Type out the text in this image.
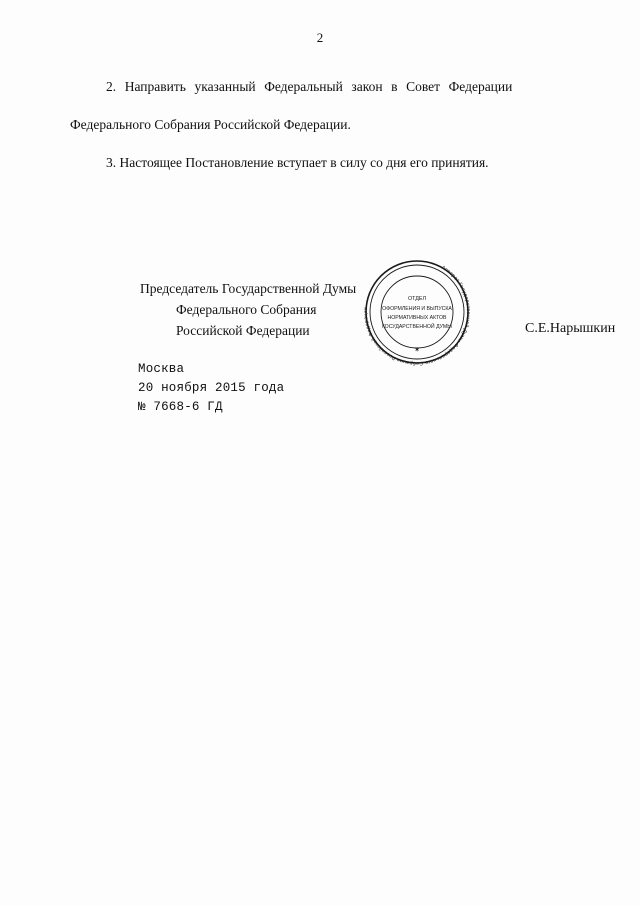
2

2. Направить указанный Федеральный закон в Совет Федерации
Федерального Собрания Российской Федерации.

3. Настоящее Постановление вступает в силу со дня его принятия.

Председатель Государственной Думы
Федерального Собрания
Российской Федерации	С.Е.Нарышкин
Москва
20 ноября 2015 года
№ 7668-6 ГД
Аппарат Государственной Думы Федерального Собрания Российской Федерации
ОТДЕЛ
ОФОРМЛЕНИЯ И ВЫПУСКА
НОРМАТИВНЫХ АКТОВ
ГОСУДАРСТВЕННОЙ ДУМЫ
✶
